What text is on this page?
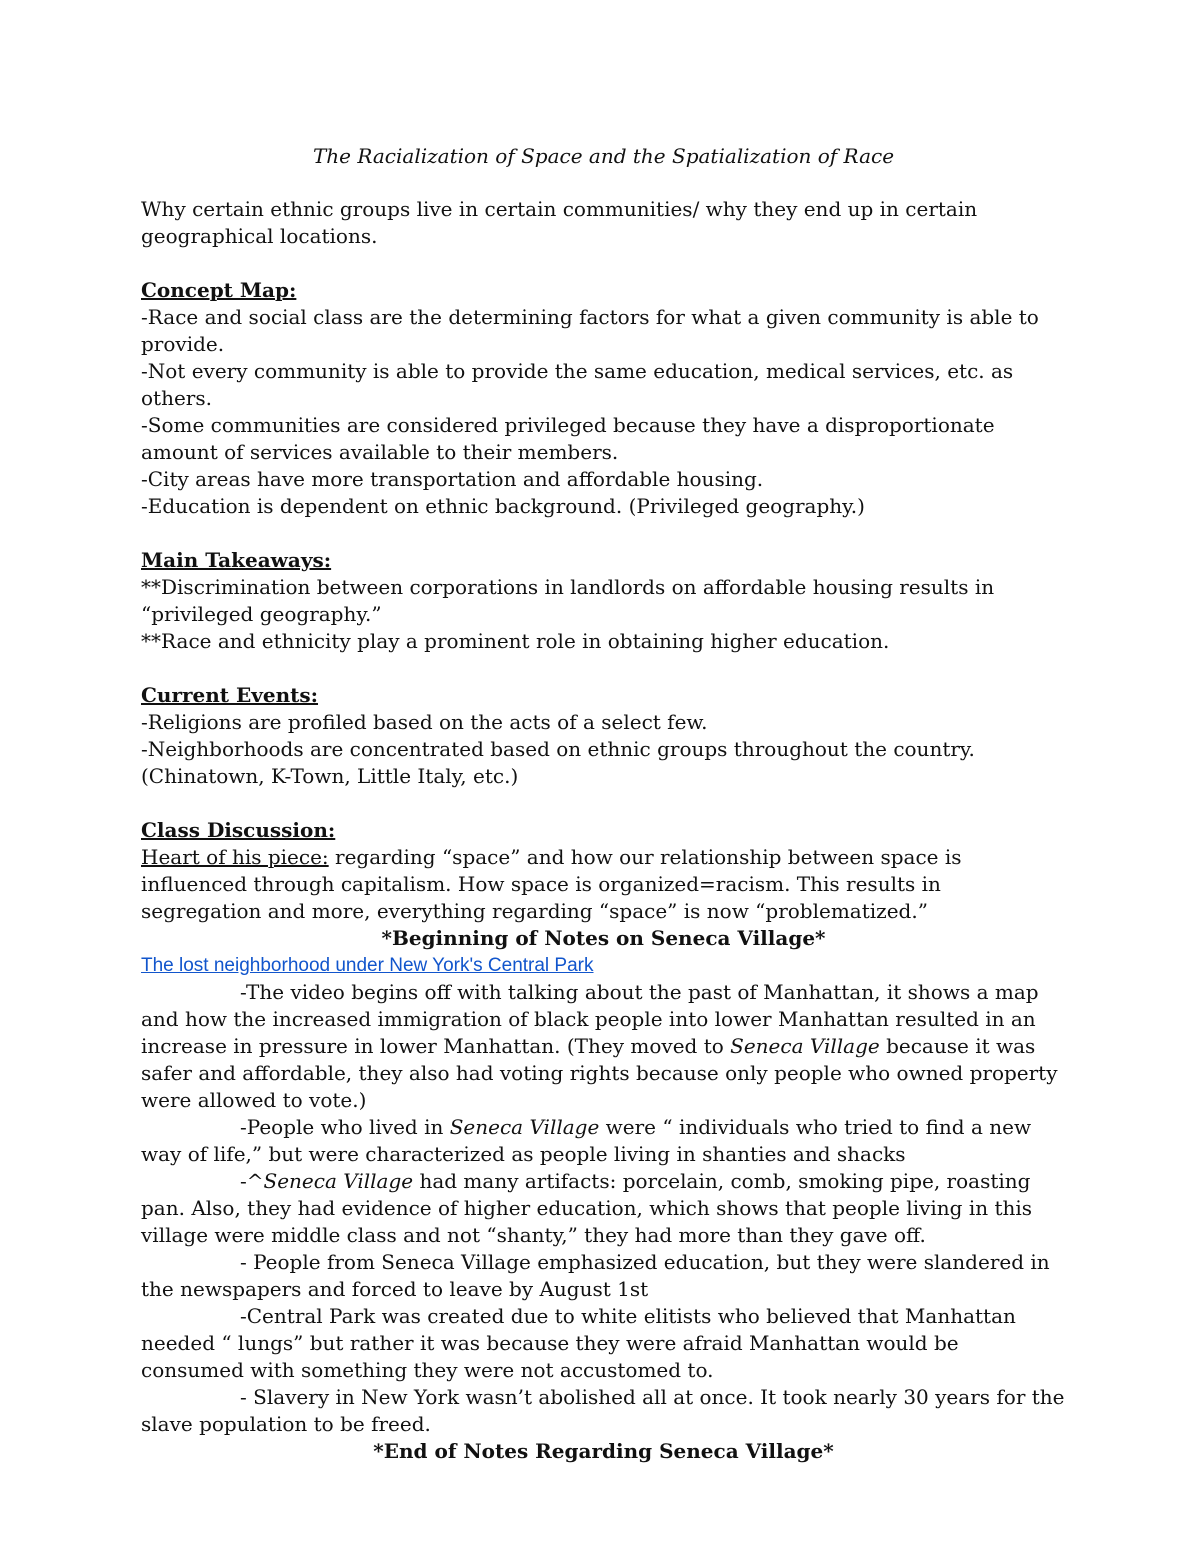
The Racialization of Space and the Spatialization of Race

Why certain ethnic groups live in certain communities/ why they end up in certain geographical locations.

Concept Map:

-Race and social class are the determining factors for what a given community is able to provide.

-Not every community is able to provide the same education, medical services, etc. as others.

-Some communities are considered privileged because they have a disproportionate amount of services available to their members.

-City areas have more transportation and affordable housing.

-Education is dependent on ethnic background. (Privileged geography.)

Main Takeaways:

**Discrimination between corporations in landlords on affordable housing results in “privileged geography.”

**Race and ethnicity play a prominent role in obtaining higher education.

Current Events:

-Religions are profiled based on the acts of a select few.

-Neighborhoods are concentrated based on ethnic groups throughout the country. (Chinatown, K-Town, Little Italy, etc.)

Class Discussion:

Heart of his piece: regarding “space” and how our relationship between space is influenced through capitalism. How space is organized=racism. This results in segregation and more, everything regarding “space” is now “problematized.”

*Beginning of Notes on Seneca Village*

The lost neighborhood under New York's Central Park

-The video begins off with talking about the past of Manhattan, it shows a map and how the increased immigration of black people into lower Manhattan resulted in an increase in pressure in lower Manhattan. (They moved to Seneca Village because it was safer and affordable, they also had voting rights because only people who owned property were allowed to vote.)

-People who lived in Seneca Village were “ individuals who tried to find a new way of life,” but were characterized as people living in shanties and shacks

-^Seneca Village had many artifacts: porcelain, comb, smoking pipe, roasting pan. Also, they had evidence of higher education, which shows that people living in this village were middle class and not “shanty,” they had more than they gave off.

- People from Seneca Village emphasized education, but they were slandered in the newspapers and forced to leave by August 1st

-Central Park was created due to white elitists who believed that Manhattan needed “ lungs” but rather it was because they were afraid Manhattan would be consumed with something they were not accustomed to.

- Slavery in New York wasn’t abolished all at once. It took nearly 30 years for the slave population to be freed.

*End of Notes Regarding Seneca Village*
